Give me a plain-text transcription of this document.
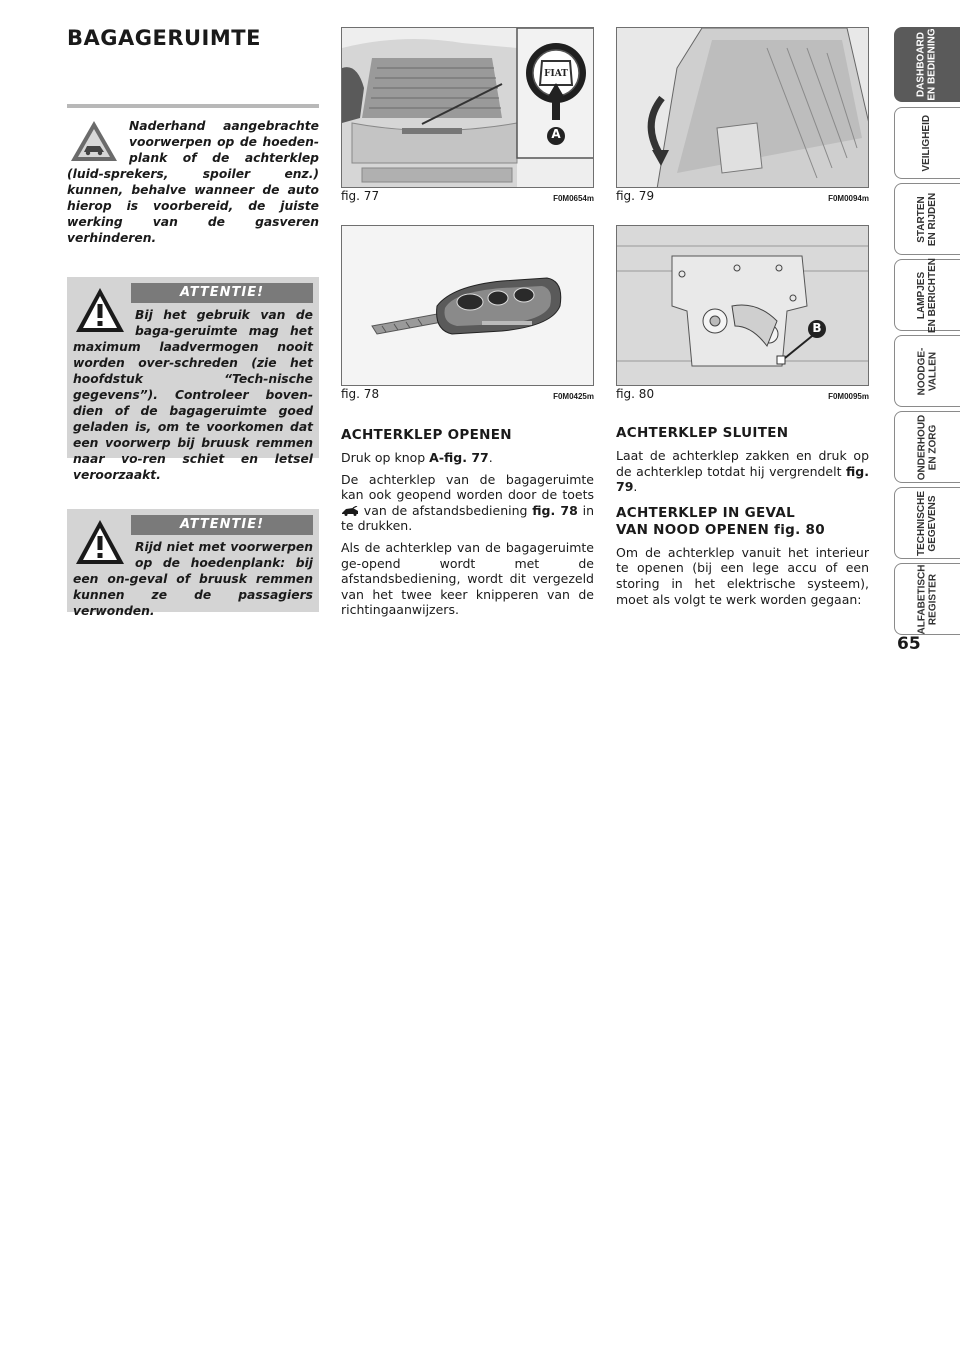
BAGAGERUIMTE

Naderhand aangebrachte voorwerpen op de hoeden-plank of de achterklep (luid-sprekers, spoiler enz.) kunnen, behalve wanneer de auto hierop is voorbereid, de juiste werking van de gasveren verhinderen.

ATTENTIE!

Bij het gebruik van de baga-geruimte mag het maximum laadvermogen nooit worden over-schreden (zie het hoofdstuk “Tech-nische gegevens”). Controleer boven-dien of de bagageruimte goed geladen is, om te voorkomen dat een voorwerp bij bruusk remmen naar vo-ren schiet en letsel veroorzaakt.

ATTENTIE!

Rijd niet met voorwerpen op de hoedenplank: bij een on-geval of bruusk remmen kunnen ze de passagiers verwonden.

FIAT
A
fig. 77	F0M0654m fig. 79	F0M0094m
fig. 78	F0M0425m
B
fig. 80	F0M0095m
ACHTERKLEP OPENEN

Druk op knop A-fig. 77.

De achterklep van de bagageruimte kan ook geopend worden door de toets  van de afstandsbediening fig. 78 in te drukken.

Als de achterklep van de bagageruimte ge-opend wordt met de afstandsbediening, wordt dit vergezeld van het twee keer knipperen van de richtingaanwijzers.

ACHTERKLEP SLUITEN

Laat de achterklep zakken en druk op de achterklep totdat hij vergrendelt fig. 79.

ACHTERKLEP IN GEVAL
VAN NOOD OPENEN fig. 80

Om de achterklep vanuit het interieur te openen (bij een lege accu of een storing in het elektrische systeem), moet als volgt te werk worden gegaan:

DASHBOARD
EN BEDIENING
VEILIGHEID
STARTEN
EN RIJDEN
LAMPJES
EN BERICHTEN
NOODGE-
VALLEN
ONDERHOUD
EN ZORG
TECHNISCHE
GEGEVENS
ALFABETISCH
REGISTER
65
